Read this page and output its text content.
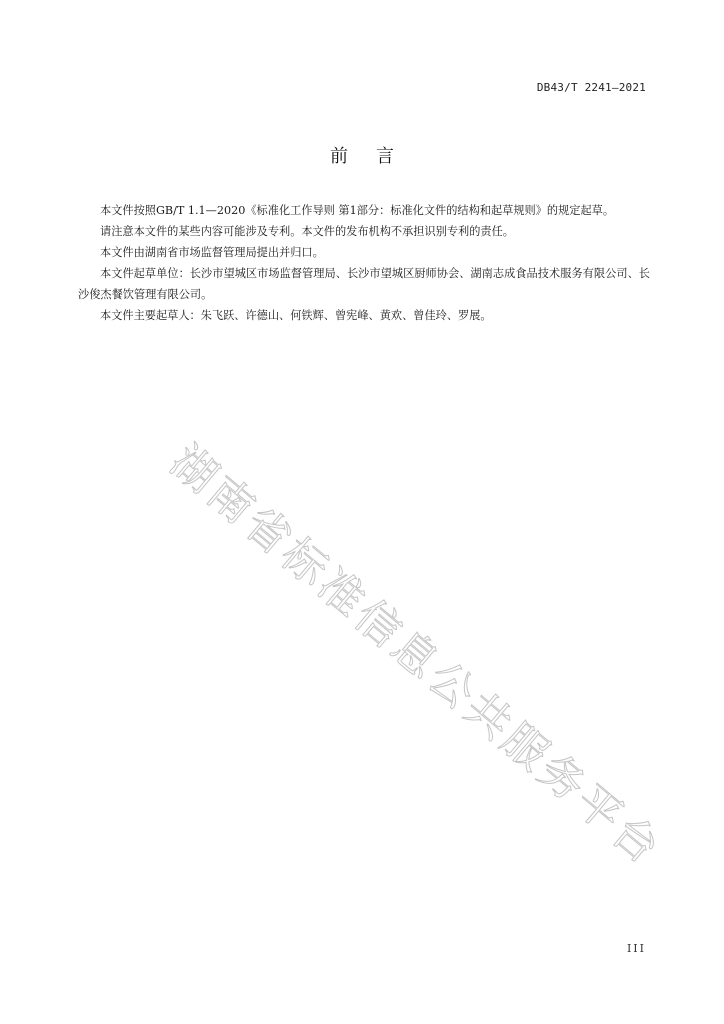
DB43/T 2241—2021
前言

本文件按照GB/T 1.1—2020《标准化工作导则 第1部分：标准化文件的结构和起草规则》的规定起草。

请注意本文件的某些内容可能涉及专利。本文件的发布机构不承担识别专利的责任。

本文件由湖南省市场监督管理局提出并归口。

本文件起草单位：长沙市望城区市场监督管理局、长沙市望城区厨师协会、湖南志成食品技术服务有限公司、长沙俊杰餐饮管理有限公司。

本文件主要起草人：朱飞跃、许德山、何铁辉、曾宪峰、黄欢、曾佳玲、罗展。

湖南省标准信息公共服务平台
III
